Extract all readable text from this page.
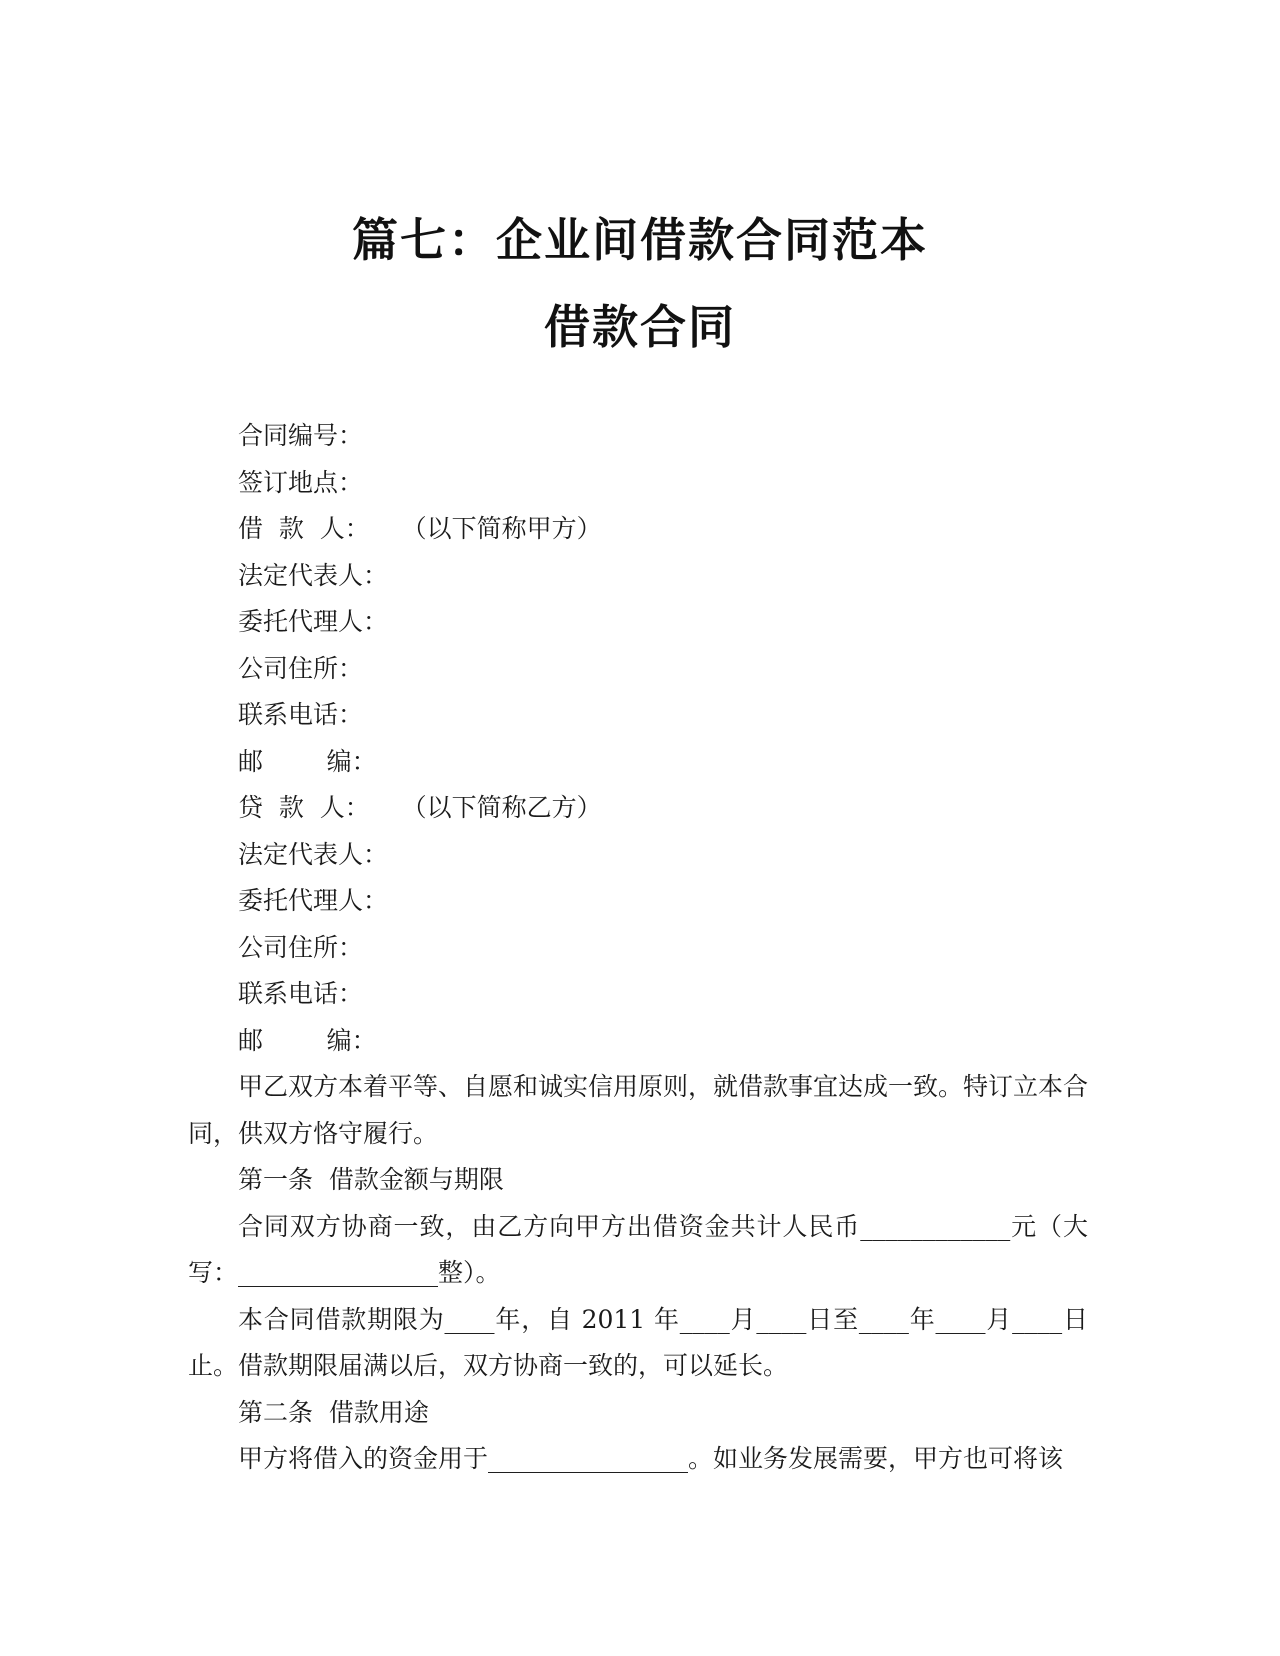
篇七：企业间借款合同范本
借款合同

合同编号：

签订地点：

借  款  人：    （以下简称甲方）

法定代表人：

委托代理人：

公司住所：

联系电话：

邮        编：

贷  款  人：    （以下简称乙方）

法定代表人：

委托代理人：

公司住所：

联系电话：

邮        编：

甲乙双方本着平等、自愿和诚实信用原则，就借款事宜达成一致。特订立本合同，供双方恪守履行。

第一条  借款金额与期限

合同双方协商一致，由乙方向甲方出借资金共计人民币____________元（大写：________________整）。

本合同借款期限为____年，自 2011 年____月____日至____年____月____日止。借款期限届满以后，双方协商一致的，可以延长。

第二条  借款用途

甲方将借入的资金用于________________。如业务发展需要，甲方也可将该
